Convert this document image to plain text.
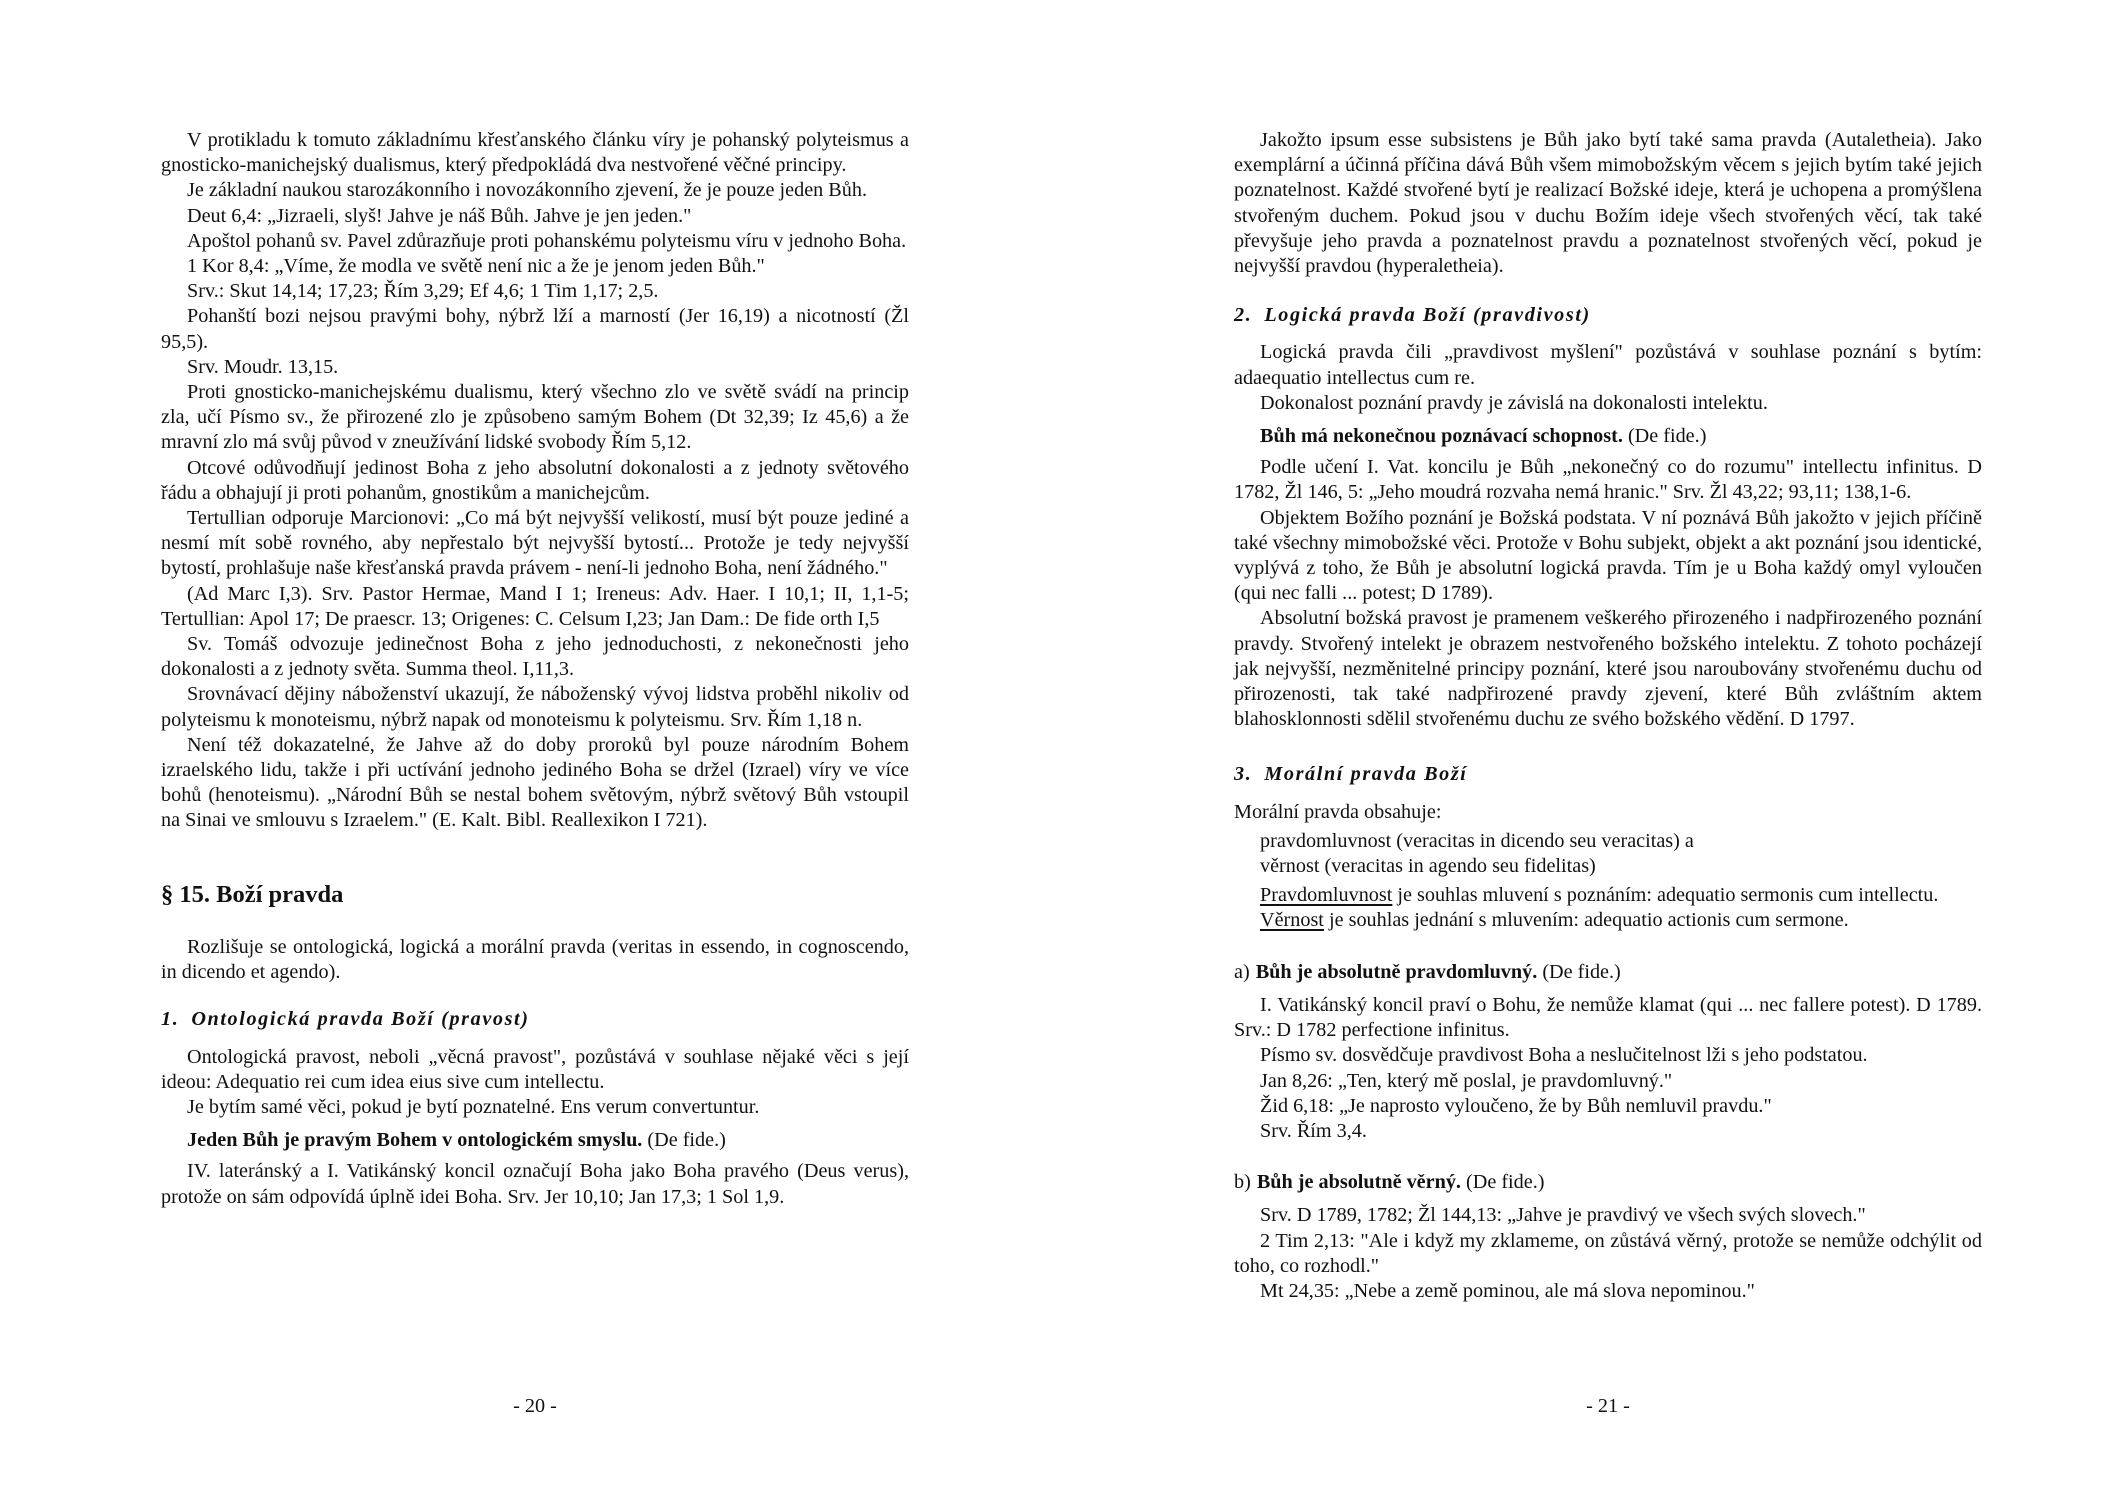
V protikladu k tomuto základnímu křesťanského článku víry je pohanský polyteismus a gnosticko-manichejský dualismus, který předpokládá dva nestvořené věčné principy.

Je základní naukou starozákonního i novozákonního zjevení, že je pouze jeden Bůh.

Deut 6,4: „Jizraeli, slyš! Jahve je náš Bůh. Jahve je jen jeden."

Apoštol pohanů sv. Pavel zdůrazňuje proti pohanskému polyteismu víru v jednoho Boha.

1 Kor 8,4: „Víme, že modla ve světě není nic a že je jenom jeden Bůh."

Srv.: Skut 14,14; 17,23; Řím 3,29; Ef 4,6; 1 Tim 1,17; 2,5.

Pohanští bozi nejsou pravými bohy, nýbrž lží a marností (Jer 16,19) a nicotností (Žl 95,5).

Srv. Moudr. 13,15.

Proti gnosticko-manichejskému dualismu, který všechno zlo ve světě svádí na princip zla, učí Písmo sv., že přirozené zlo je způsobeno samým Bohem (Dt 32,39; Iz 45,6) a že mravní zlo má svůj původ v zneužívání lidské svobody Řím 5,12.

Otcové odůvodňují jedinost Boha z jeho absolutní dokonalosti a z jednoty světového řádu a obhajují ji proti pohanům, gnostikům a manichejcům.

Tertullian odporuje Marcionovi: „Co má být nejvyšší velikostí, musí být pouze jediné a nesmí mít sobě rovného, aby nepřestalo být nejvyšší bytostí... Protože je tedy nejvyšší bytostí, prohlašuje naše křesťanská pravda právem - není-li jednoho Boha, není žádného."

(Ad Marc I,3). Srv. Pastor Hermae, Mand I 1; Ireneus: Adv. Haer. I 10,1; II, 1,1-5; Tertullian: Apol 17; De praescr. 13; Origenes: C. Celsum I,23; Jan Dam.: De fide orth I,5

Sv. Tomáš odvozuje jedinečnost Boha z jeho jednoduchosti, z nekonečnosti jeho dokonalosti a z jednoty světa. Summa theol. I,11,3.

Srovnávací dějiny náboženství ukazují, že náboženský vývoj lidstva proběhl nikoliv od polyteismu k monoteismu, nýbrž napak od monoteismu k polyteismu. Srv. Řím 1,18 n.

Není též dokazatelné, že Jahve až do doby proroků byl pouze národním Bohem izraelského lidu, takže i při uctívání jednoho jediného Boha se držel (Izrael) víry ve více bohů (henoteismu). „Národní Bůh se nestal bohem světovým, nýbrž světový Bůh vstoupil na Sinai ve smlouvu s Izraelem." (E. Kalt. Bibl. Reallexikon I 721).

§ 15. Boží pravda

Rozlišuje se ontologická, logická a morální pravda (veritas in essendo, in cognoscendo, in dicendo et agendo).

1. Ontologická pravda Boží (pravost)

Ontologická pravost, neboli „věcná pravost", pozůstává v souhlase nějaké věci s její ideou: Adequatio rei cum idea eius sive cum intellectu.

Je bytím samé věci, pokud je bytí poznatelné. Ens verum convertuntur.

Jeden Bůh je pravým Bohem v ontologickém smyslu. (De fide.)

IV. lateránský a I. Vatikánský koncil označují Boha jako Boha pravého (Deus verus), protože on sám odpovídá úplně idei Boha. Srv. Jer 10,10; Jan 17,3; 1 Sol 1,9.

- 20 -

Jakožto ipsum esse subsistens je Bůh jako bytí také sama pravda (Autaletheia). Jako exemplární a účinná příčina dává Bůh všem mimobožským věcem s jejich bytím také jejich poznatelnost. Každé stvořené bytí je realizací Božské ideje, která je uchopena a promýšlena stvořeným duchem. Pokud jsou v duchu Božím ideje všech stvořených věcí, tak také převyšuje jeho pravda a poznatelnost pravdu a poznatelnost stvořených věcí, pokud je nejvyšší pravdou (hyperaletheia).

2. Logická pravda Boží (pravdivost)

Logická pravda čili „pravdivost myšlení" pozůstává v souhlase poznání s bytím: adaequatio intellectus cum re.

Dokonalost poznání pravdy je závislá na dokonalosti intelektu.

Bůh má nekonečnou poznávací schopnost. (De fide.)

Podle učení I. Vat. koncilu je Bůh „nekonečný co do rozumu" intellectu infinitus. D 1782, Žl 146, 5: „Jeho moudrá rozvaha nemá hranic." Srv. Žl 43,22; 93,11; 138,1-6.

Objektem Božího poznání je Božská podstata. V ní poznává Bůh jakožto v jejich příčině také všechny mimobožské věci. Protože v Bohu subjekt, objekt a akt poznání jsou identické, vyplývá z toho, že Bůh je absolutní logická pravda. Tím je u Boha každý omyl vyloučen (qui nec falli ... potest; D 1789).

Absolutní božská pravost je pramenem veškerého přirozeného i nadpřirozeného poznání pravdy. Stvořený intelekt je obrazem nestvořeného božského intelektu. Z tohoto pocházejí jak nejvyšší, nezměnitelné principy poznání, které jsou naroubovány stvořenému duchu od přirozenosti, tak také nadpřirozené pravdy zjevení, které Bůh zvláštním aktem blahosklonnosti sdělil stvořenému duchu ze svého božského vědění. D 1797.

3. Morální pravda Boží

Morální pravda obsahuje:

pravdomluvnost (veracitas in dicendo seu veracitas) a

věrnost (veracitas in agendo seu fidelitas)

Pravdomluvnost je souhlas mluvení s poznáním: adequatio sermonis cum intellectu.

Věrnost je souhlas jednání s mluvením: adequatio actionis cum sermone.

a) Bůh je absolutně pravdomluvný. (De fide.)

I. Vatikánský koncil praví o Bohu, že nemůže klamat (qui ... nec fallere potest). D 1789. Srv.: D 1782 perfectione infinitus.

Písmo sv. dosvědčuje pravdivost Boha a neslučitelnost lži s jeho podstatou.

Jan 8,26: „Ten, který mě poslal, je pravdomluvný."

Žid 6,18: „Je naprosto vyloučeno, že by Bůh nemluvil pravdu."

Srv. Řím 3,4.

b) Bůh je absolutně věrný. (De fide.)

Srv. D 1789, 1782; Žl 144,13: „Jahve je pravdivý ve všech svých slovech."

2 Tim 2,13: "Ale i když my zklameme, on zůstává věrný, protože se nemůže odchýlit od toho, co rozhodl."

Mt 24,35: „Nebe a země pominou, ale má slova nepominou."

- 21 -
